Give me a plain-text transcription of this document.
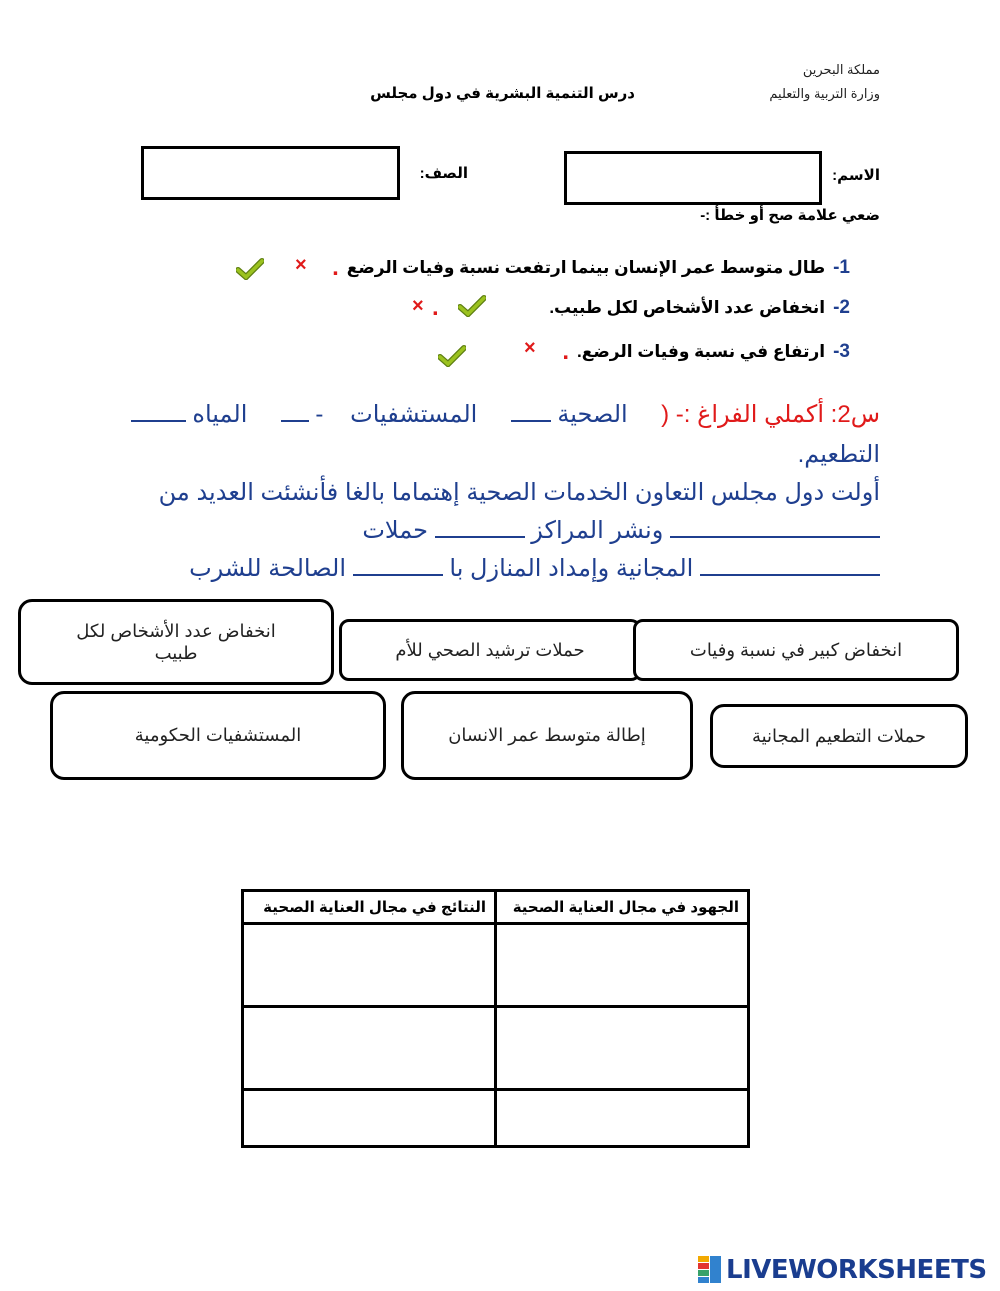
مملكة البحرين
وزارة التربية والتعليم
درس التنمية البشرية في دول مجلس
الاسم:
الصف:
ضعي علامة صح أو خطأ :-
1-
طال متوسط عمر الإنسان بينما ارتفعت نسبة وفيات الرضع
.
×
2-
انخفاض عدد الأشخاص لكل طبيب.
.
×
3-
ارتفاع في نسبة وفيات الرضع.
.
×
س2: أكملي الفراغ :- (     الصحية      المستشفيات    -      المياه
التطعيم.
أولت دول مجلس التعاون الخدمات الصحية إهتماما بالغا فأنشئت العديد من
ونشر المراكز  حملات
المجانية وإمداد المنازل با  الصالحة للشرب
انخفاض عدد الأشخاص لكل طبيب	حملات ترشيد الصحي للأم	انخفاض كبير في نسبة وفيات
المستشفيات الحكومية	إطالة متوسط عمر الانسان	حملات التطعيم المجانية
الجهود في مجال العناية الصحية	النتائج في مجال العناية الصحية

LIVEWORKSHEETS
